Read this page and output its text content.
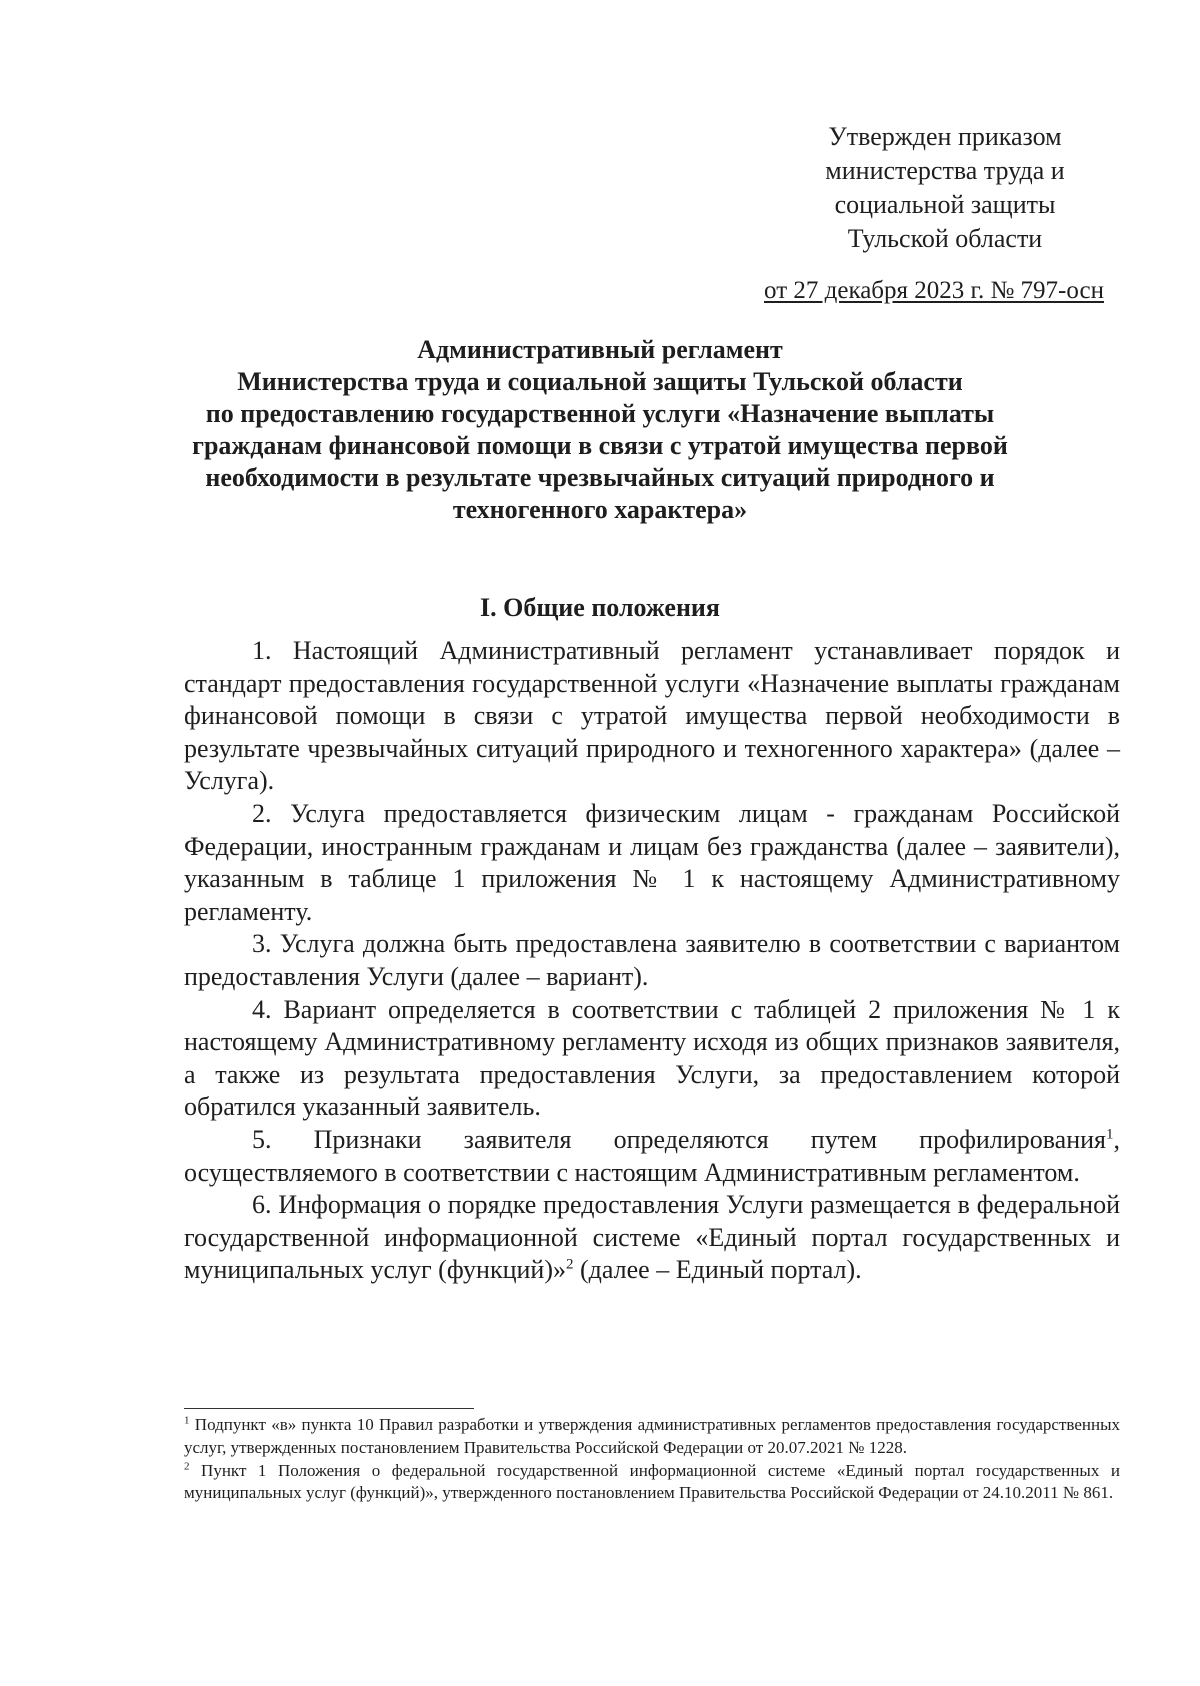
Утвержден приказом
министерства труда и
социальной защиты
Тульской области
от 27 декабря 2023 г. № 797-осн
Административный регламент
Министерства труда и социальной защиты Тульской области
по предоставлению государственной услуги «Назначение выплаты
гражданам финансовой помощи в связи с утратой имущества первой
необходимости в результате чрезвычайных ситуаций природного и
техногенного характера»
I. Общие положения

1. Настоящий Административный регламент устанавливает порядок и стандарт предоставления государственной услуги «Назначение выплаты гражданам финансовой помощи в связи с утратой имущества первой необходимости в результате чрезвычайных ситуаций природного и техногенного характера» (далее – Услуга).

2. Услуга предоставляется физическим лицам - гражданам Российской Федерации, иностранным гражданам и лицам без гражданства (далее – заявители), указанным в таблице 1 приложения № 1 к настоящему Административному регламенту.

3. Услуга должна быть предоставлена заявителю в соответствии с вариантом предоставления Услуги (далее – вариант).

4. Вариант определяется в соответствии с таблицей 2 приложения № 1 к настоящему Административному регламенту исходя из общих признаков заявителя, а также из результата предоставления Услуги, за предоставлением которой обратился указанный заявитель.

5. Признаки заявителя определяются путем профилирования$^1$, осуществляемого в соответствии с настоящим Административным регламентом.

6. Информация о порядке предоставления Услуги размещается в федеральной государственной информационной системе «Единый портал государственных и муниципальных услуг (функций)»$^2$ (далее – Единый портал).

$^1$ Подпункт «в» пункта 10 Правил разработки и утверждения административных регламентов предоставления государственных услуг, утвержденных постановлением Правительства Российской Федерации от 20.07.2021 № 1228.

$^2$ Пункт 1 Положения о федеральной государственной информационной системе «Единый портал государственных и муниципальных услуг (функций)», утвержденного постановлением Правительства Российской Федерации от 24.10.2011 № 861.
